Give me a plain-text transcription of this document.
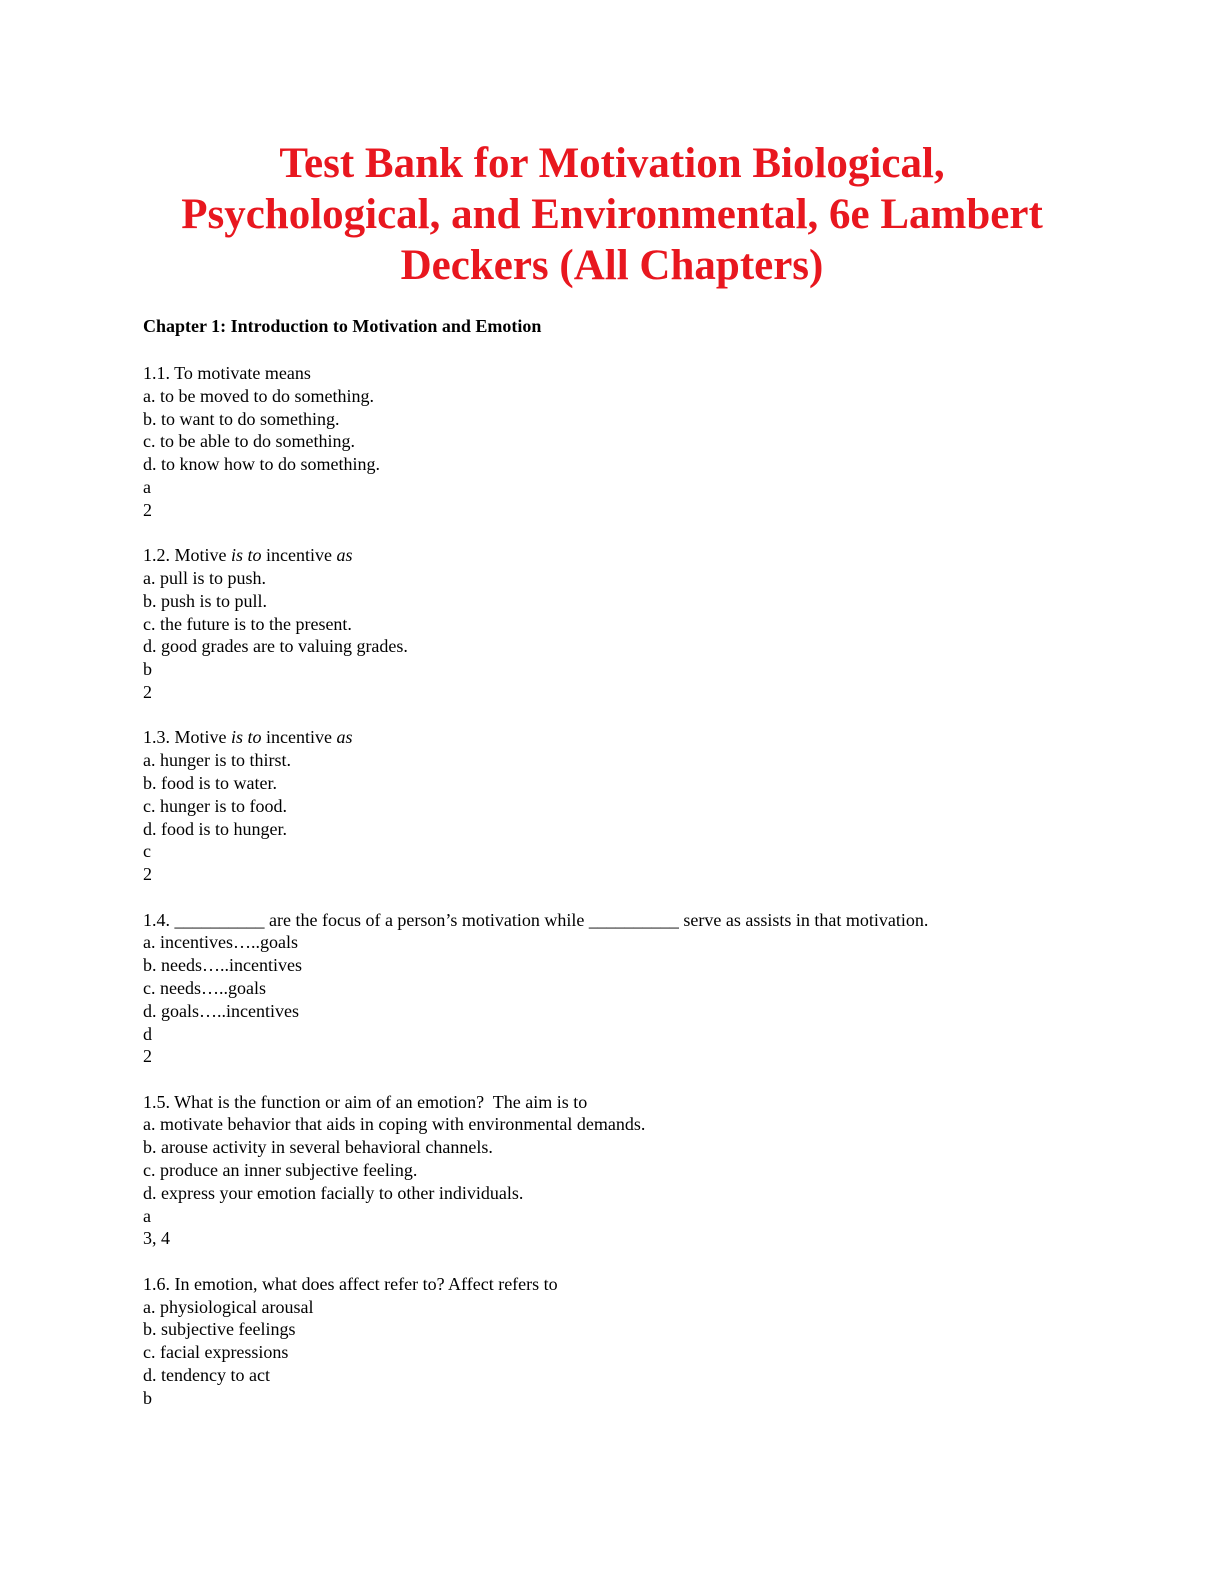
Test Bank for Motivation Biological,
Psychological, and Environmental, 6e Lambert
Deckers (All Chapters)
Chapter 1: Introduction to Motivation and Emotion
1.1. To motivate means
a. to be moved to do something.
b. to want to do something.
c. to be able to do something.
d. to know how to do something.
a
2
1.2. Motive is to incentive as
a. pull is to push.
b. push is to pull.
c. the future is to the present.
d. good grades are to valuing grades.
b
2
1.3. Motive is to incentive as
a. hunger is to thirst.
b. food is to water.
c. hunger is to food.
d. food is to hunger.
c
2
1.4. __________ are the focus of a person’s motivation while __________ serve as assists in that motivation.
a. incentives…..goals
b. needs…..incentives
c. needs…..goals
d. goals…..incentives
d
2
1.5. What is the function or aim of an emotion?  The aim is to
a. motivate behavior that aids in coping with environmental demands.
b. arouse activity in several behavioral channels.
c. produce an inner subjective feeling.
d. express your emotion facially to other individuals.
a
3, 4
1.6. In emotion, what does affect refer to? Affect refers to
a. physiological arousal
b. subjective feelings
c. facial expressions
d. tendency to act
b
